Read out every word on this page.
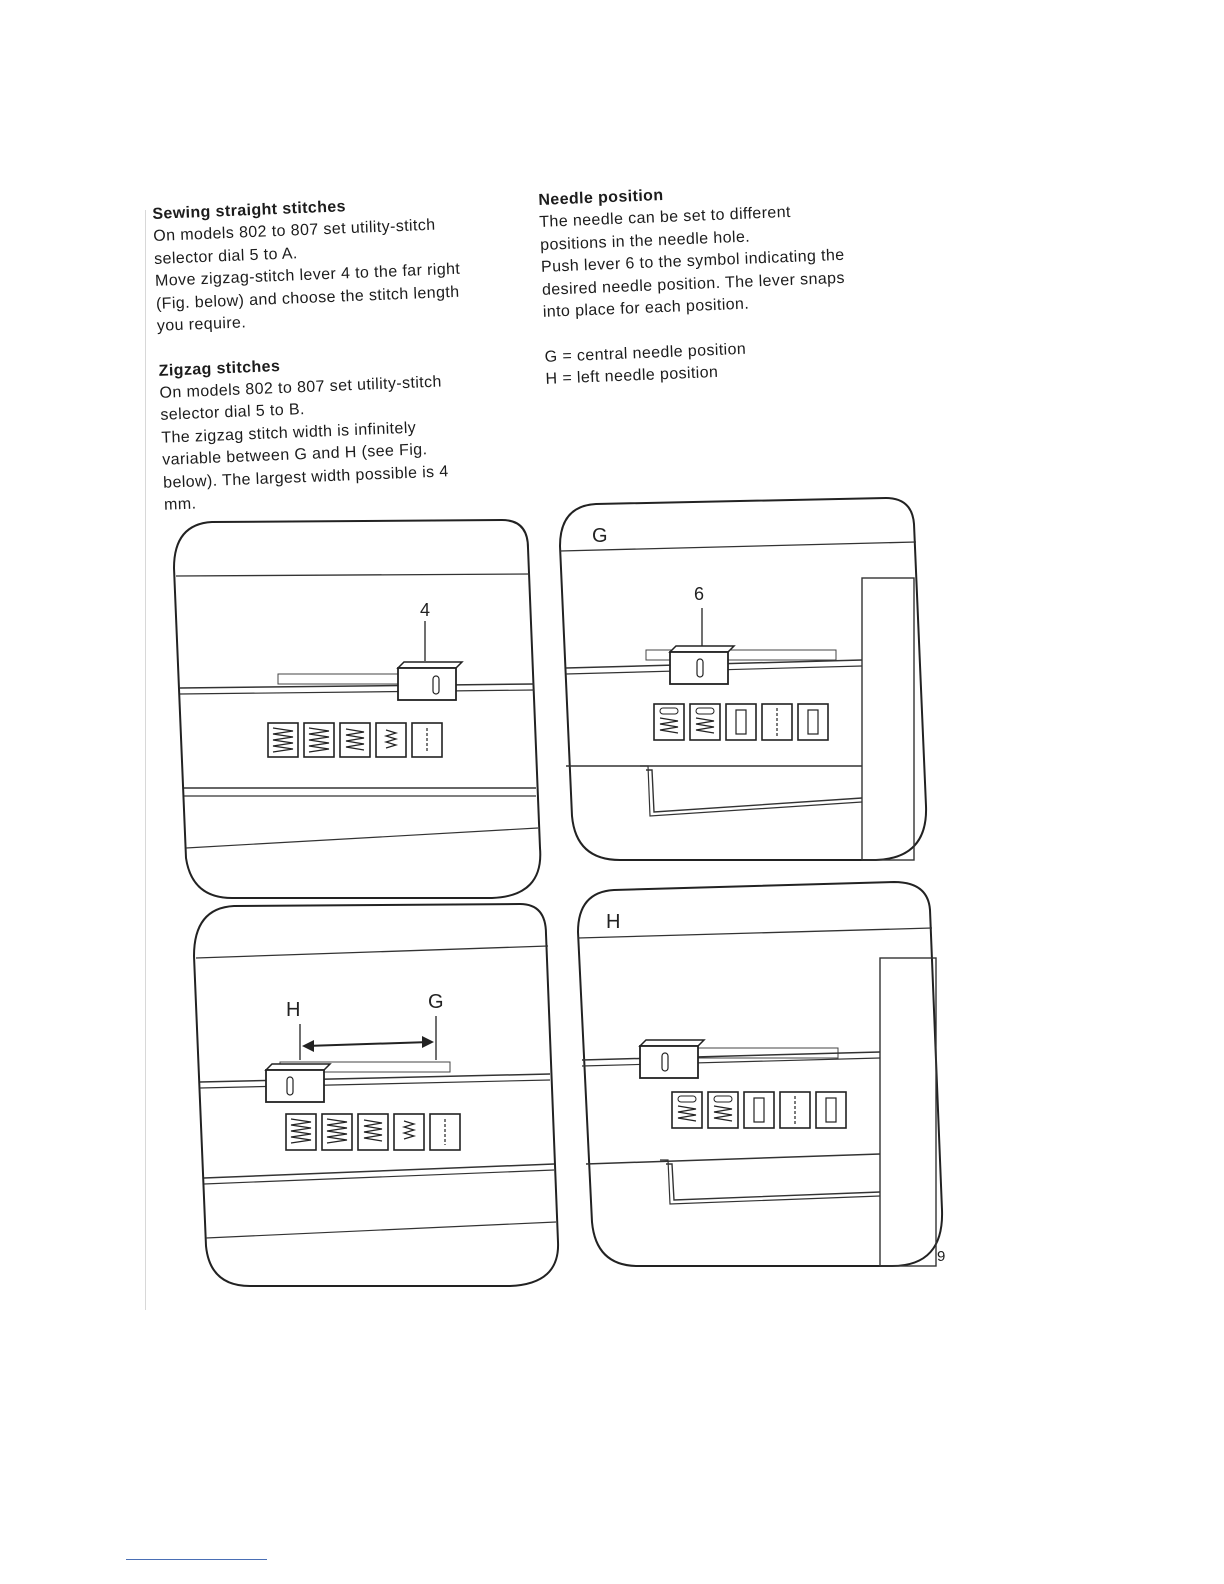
Sewing straight stitches

On models 802 to 807 set utility-stitch

selector dial 5 to A.

Move zigzag-stitch lever 4 to the far right

(Fig. below) and choose the stitch length

you require.

Zigzag stitches

On models 802 to 807 set utility-stitch

selector dial 5 to B.

The zigzag stitch width is infinitely

variable between G and H (see Fig.

below). The largest width possible is 4

mm.

Needle position

The needle can be set to different

positions in the needle hole.

Push lever 6 to the symbol indicating the

desired needle position. The lever snaps

into place for each position.

G = central needle position

H = left needle position

4
G
6
H	G
H
9
